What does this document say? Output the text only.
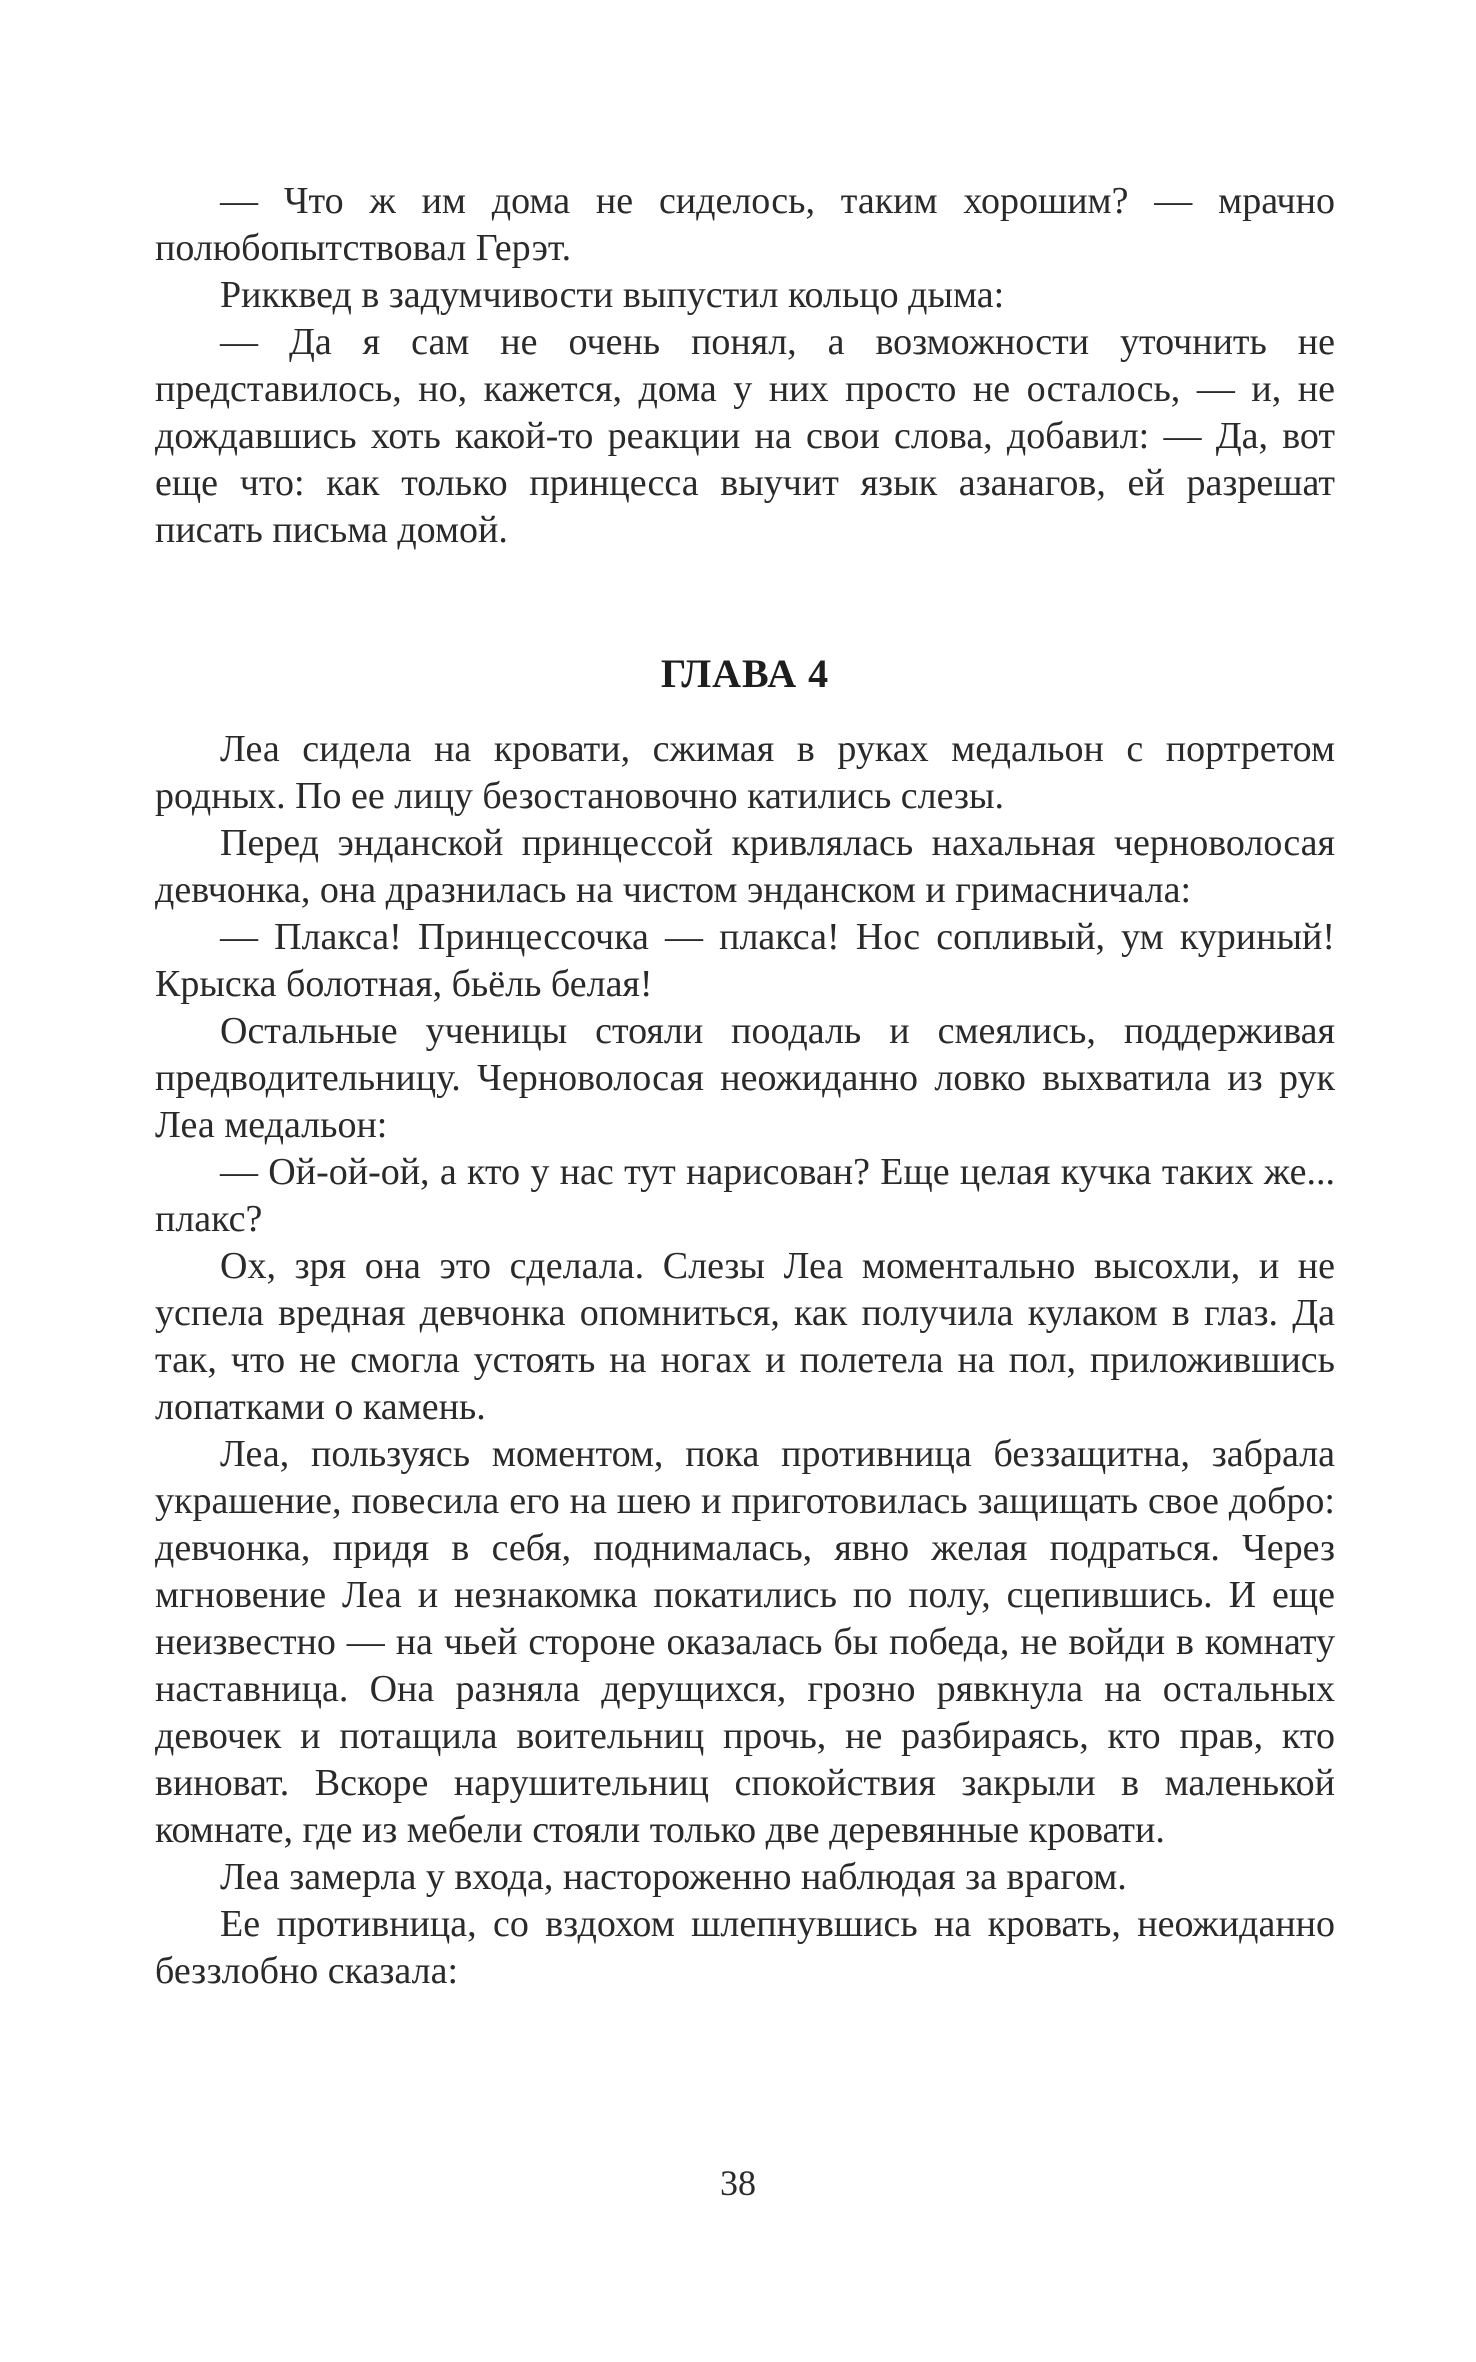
— Что ж им дома не сиделось, таким хорошим? — мрачно полюбопытствовал Герэт.

Рикквед в задумчивости выпустил кольцо дыма:

— Да я сам не очень понял, а возможности уточнить не представилось, но, кажется, дома у них просто не осталось, — и, не дождавшись хоть какой-то реакции на свои слова, добавил: — Да, вот еще что: как только принцесса выучит язык азанагов, ей разрешат писать письма домой.

ГЛАВА 4

Леа сидела на кровати, сжимая в руках медальон с портретом родных. По ее лицу безостановочно катились слезы.

Перед энданской принцессой кривлялась нахальная черноволосая девчонка, она дразнилась на чистом энданском и гримасничала:

— Плакса! Принцессочка — плакса! Нос сопливый, ум куриный! Крыска болотная, бьёль белая!

Остальные ученицы стояли поодаль и смеялись, поддерживая предводительницу. Черноволосая неожиданно ловко выхватила из рук Леа медальон:

— Ой-ой-ой, а кто у нас тут нарисован? Еще целая кучка таких же... плакс?

Ох, зря она это сделала. Слезы Леа моментально высохли, и не успела вредная девчонка опомниться, как получила кулаком в глаз. Да так, что не смогла устоять на ногах и полетела на пол, приложившись лопатками о камень.

Леа, пользуясь моментом, пока противница беззащитна, забрала украшение, повесила его на шею и приготовилась защищать свое добро: девчонка, придя в себя, поднималась, явно желая подраться. Через мгновение Леа и незнакомка покатились по полу, сцепившись. И еще неизвестно — на чьей стороне оказалась бы победа, не войди в комнату наставница. Она разняла дерущихся, грозно рявкнула на остальных девочек и потащила воительниц прочь, не разбираясь, кто прав, кто виноват. Вскоре нарушительниц спокойствия закрыли в маленькой комнате, где из мебели стояли только две деревянные кровати.

Леа замерла у входа, настороженно наблюдая за врагом.

Ее противница, со вздохом шлепнувшись на кровать, неожиданно беззлобно сказала:

38
